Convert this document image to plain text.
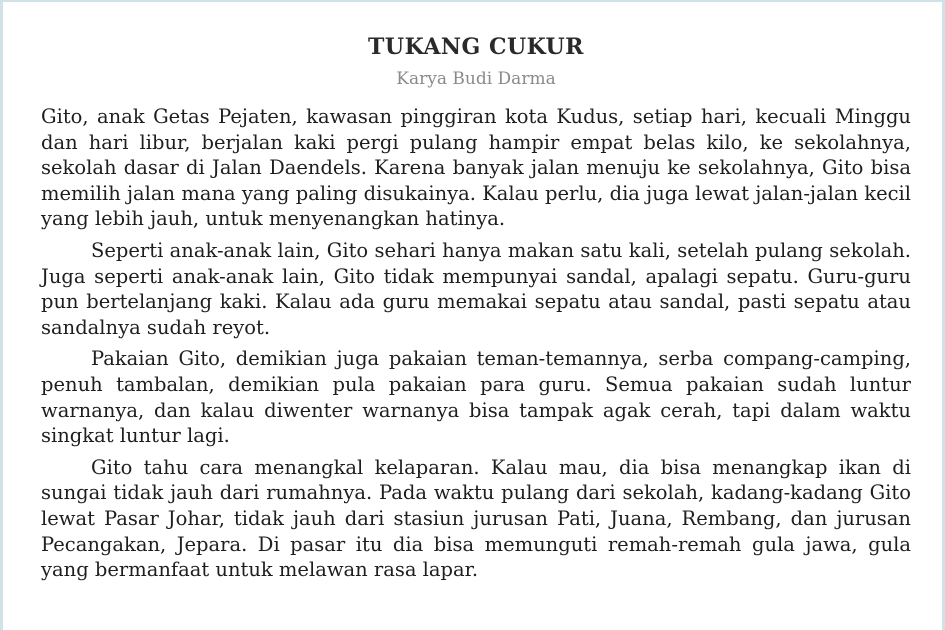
TUKANG CUKUR
Karya Budi Darma

Gito, anak Getas Pejaten, kawasan pinggiran kota Kudus, setiap hari, kecuali Minggu dan hari libur, berjalan kaki pergi pulang hampir empat belas kilo, ke sekolahnya, sekolah dasar di Jalan Daendels. Karena banyak jalan menuju ke sekolahnya, Gito bisa memilih jalan mana yang paling disukainya. Kalau perlu, dia juga lewat jalan-jalan kecil yang lebih jauh, untuk menyenangkan hatinya.

Seperti anak-anak lain, Gito sehari hanya makan satu kali, setelah pulang sekolah. Juga seperti anak-anak lain, Gito tidak mempunyai sandal, apalagi sepatu. Guru-guru pun bertelanjang kaki. Kalau ada guru memakai sepatu atau sandal, pasti sepatu atau sandalnya sudah reyot.

Pakaian Gito, demikian juga pakaian teman-temannya, serba compang-camping, penuh tambalan, demikian pula pakaian para guru. Semua pakaian sudah luntur warnanya, dan kalau diwenter warnanya bisa tampak agak cerah, tapi dalam waktu singkat luntur lagi.

Gito tahu cara menangkal kelaparan. Kalau mau, dia bisa menangkap ikan di sungai tidak jauh dari rumahnya. Pada waktu pulang dari sekolah, kadang-kadang Gito lewat Pasar Johar, tidak jauh dari stasiun jurusan Pati, Juana, Rembang, dan jurusan Pecangakan, Jepara. Di pasar itu dia bisa memunguti remah-remah gula jawa, gula yang bermanfaat untuk melawan rasa lapar.
